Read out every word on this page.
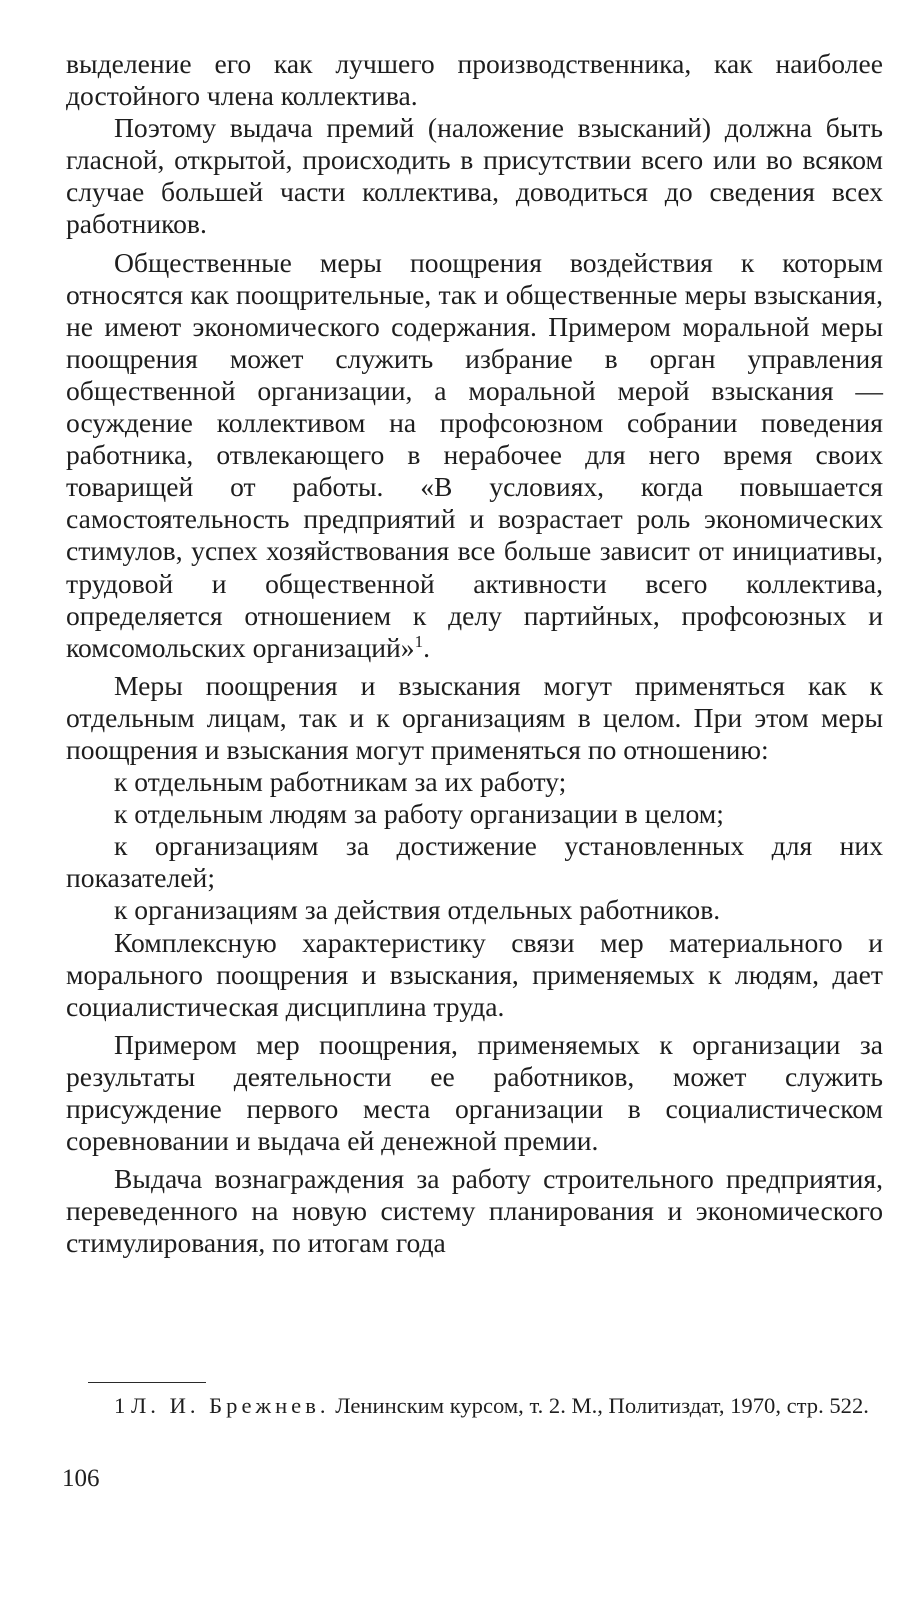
выделение его как лучшего производственника, как наиболее достойного члена коллектива.

Поэтому выдача премий (наложение взысканий) должна быть гласной, открытой, происходить в присутствии всего или во всяком случае большей части коллектива, доводиться до сведения всех работников.

Общественные меры поощрения воздействия к которым относятся как поощрительные, так и общественные меры взыскания, не имеют экономического содержания. Примером моральной меры поощрения может служить избрание в орган управления общественной организации, а моральной мерой взыскания — осуждение коллективом на профсоюзном собрании поведения работника, отвлекающего в нерабочее для него время своих товарищей от работы. «В условиях, когда повышается самостоятельность предприятий и возрастает роль экономических стимулов, успех хозяйствования все больше зависит от инициативы, трудовой и общественной активности всего коллектива, определяется отношением к делу партийных, профсоюзных и комсомольских организаций»$^1$.

Меры поощрения и взыскания могут применяться как к отдельным лицам, так и к организациям в целом. При этом меры поощрения и взыскания могут применяться по отношению:

к отдельным работникам за их работу;

к отдельным людям за работу организации в целом;

к организациям за достижение установленных для них показателей;

к организациям за действия отдельных работников.

Комплексную характеристику связи мер материального и морального поощрения и взыскания, применяемых к людям, дает социалистическая дисциплина труда.

Примером мер поощрения, применяемых к организации за результаты деятельности ее работников, может служить присуждение первого места организации в социалистическом соревновании и выдача ей денежной премии.

Выдача вознаграждения за работу строительного предприятия, переведенного на новую систему планирования и экономического стимулирования, по итогам года

1 Л. И. Брежнев. Ленинским курсом, т. 2. М., Политиздат, 1970, стр. 522.

106
